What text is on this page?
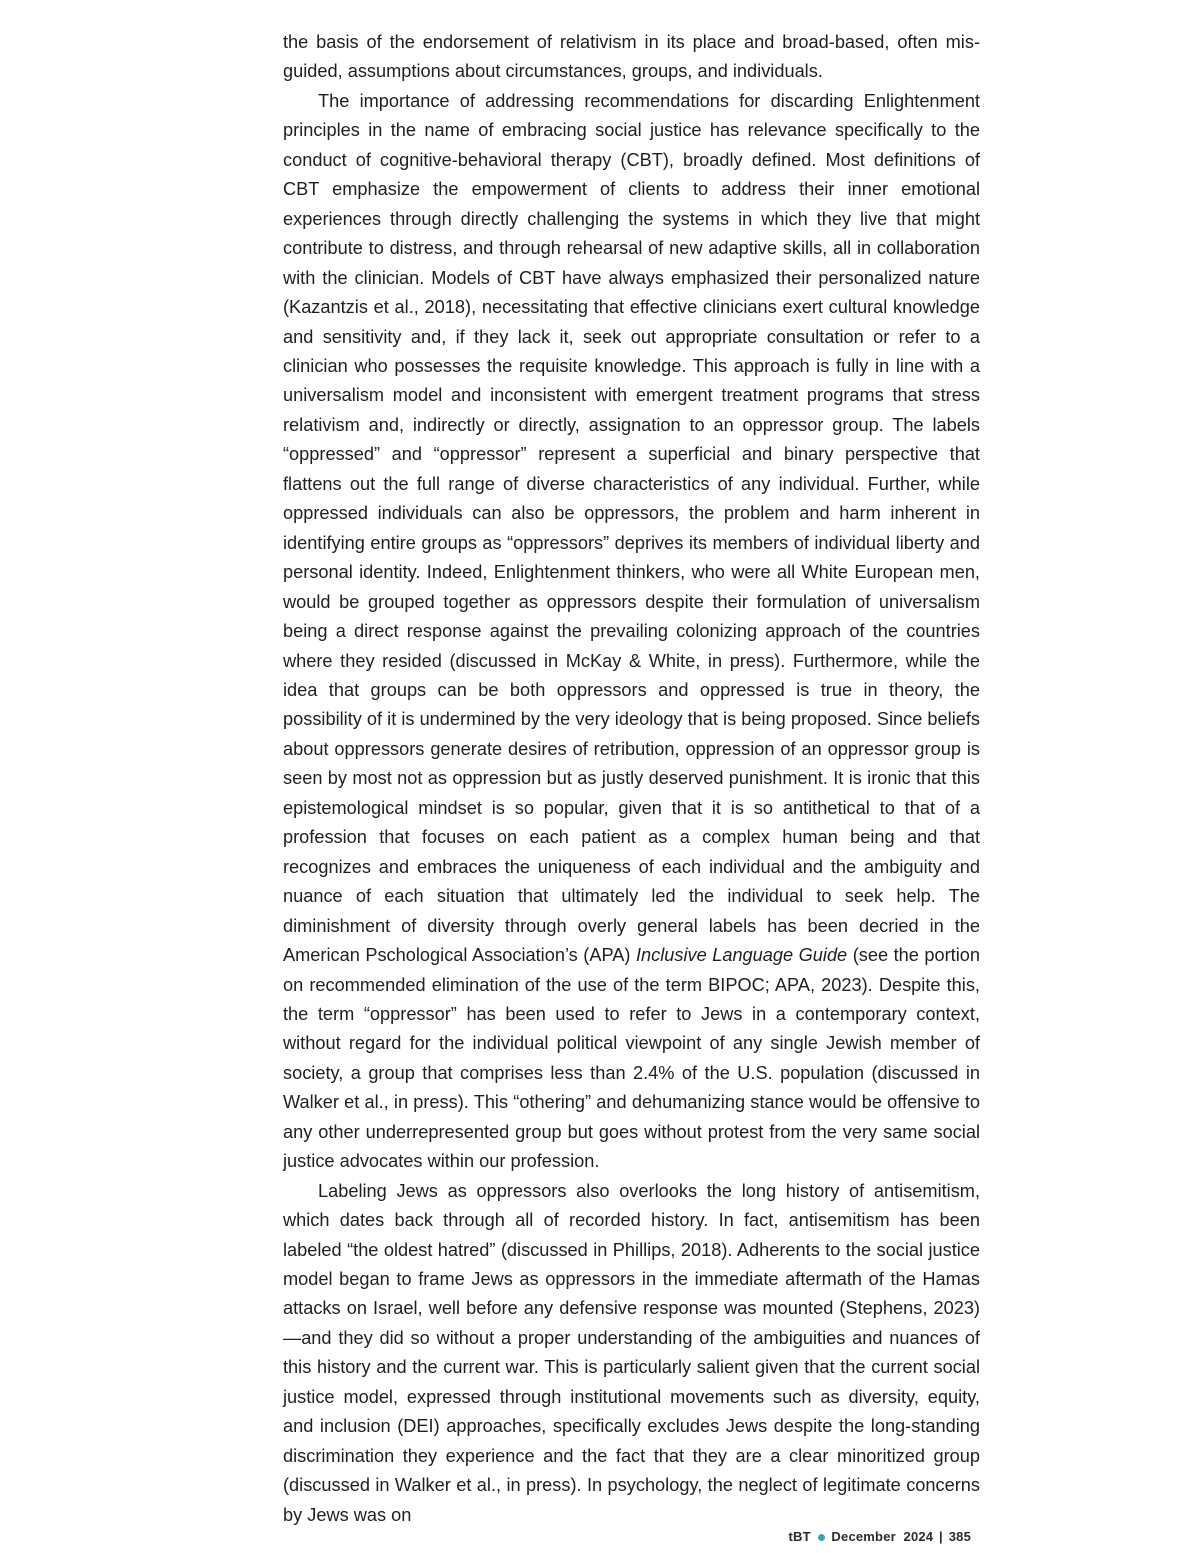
the basis of the endorsement of relativism in its place and broad-based, often misguided, assumptions about circumstances, groups, and individuals.

The importance of addressing recommendations for discarding Enlightenment principles in the name of embracing social justice has relevance specifically to the conduct of cognitive-behavioral therapy (CBT), broadly defined. Most definitions of CBT emphasize the empowerment of clients to address their inner emotional experiences through directly challenging the systems in which they live that might contribute to distress, and through rehearsal of new adaptive skills, all in collaboration with the clinician. Models of CBT have always emphasized their personalized nature (Kazantzis et al., 2018), necessitating that effective clinicians exert cultural knowledge and sensitivity and, if they lack it, seek out appropriate consultation or refer to a clinician who possesses the requisite knowledge. This approach is fully in line with a universalism model and inconsistent with emergent treatment programs that stress relativism and, indirectly or directly, assignation to an oppressor group. The labels “oppressed” and “oppressor” represent a superficial and binary perspective that flattens out the full range of diverse characteristics of any individual. Further, while oppressed individuals can also be oppressors, the problem and harm inherent in identifying entire groups as “oppressors” deprives its members of individual liberty and personal identity. Indeed, Enlightenment thinkers, who were all White European men, would be grouped together as oppressors despite their formulation of universalism being a direct response against the prevailing colonizing approach of the countries where they resided (discussed in McKay & White, in press). Furthermore, while the idea that groups can be both oppressors and oppressed is true in theory, the possibility of it is undermined by the very ideology that is being proposed. Since beliefs about oppressors generate desires of retribution, oppression of an oppressor group is seen by most not as oppression but as justly deserved punishment. It is ironic that this epistemological mindset is so popular, given that it is so antithetical to that of a profession that focuses on each patient as a complex human being and that recognizes and embraces the uniqueness of each individual and the ambiguity and nuance of each situation that ultimately led the individual to seek help. The diminishment of diversity through overly general labels has been decried in the American Pschological Association’s (APA) Inclusive Language Guide (see the portion on recommended elimination of the use of the term BIPOC; APA, 2023). Despite this, the term “oppressor” has been used to refer to Jews in a contemporary context, without regard for the individual political viewpoint of any single Jewish member of society, a group that comprises less than 2.4% of the U.S. population (discussed in Walker et al., in press). This “othering” and dehumanizing stance would be offensive to any other underrepresented group but goes without protest from the very same social justice advocates within our profession.

Labeling Jews as oppressors also overlooks the long history of antisemitism, which dates back through all of recorded history. In fact, antisemitism has been labeled “the oldest hatred” (discussed in Phillips, 2018). Adherents to the social justice model began to frame Jews as oppressors in the immediate aftermath of the Hamas attacks on Israel, well before any defensive response was mounted (Stephens, 2023)—and they did so without a proper understanding of the ambiguities and nuances of this history and the current war. This is particularly salient given that the current social justice model, expressed through institutional movements such as diversity, equity, and inclusion (DEI) approaches, specifically excludes Jews despite the long-standing discrimination they experience and the fact that they are a clear minoritized group (discussed in Walker et al., in press). In psychology, the neglect of legitimate concerns by Jews was on

tBT December  2024 | 385
